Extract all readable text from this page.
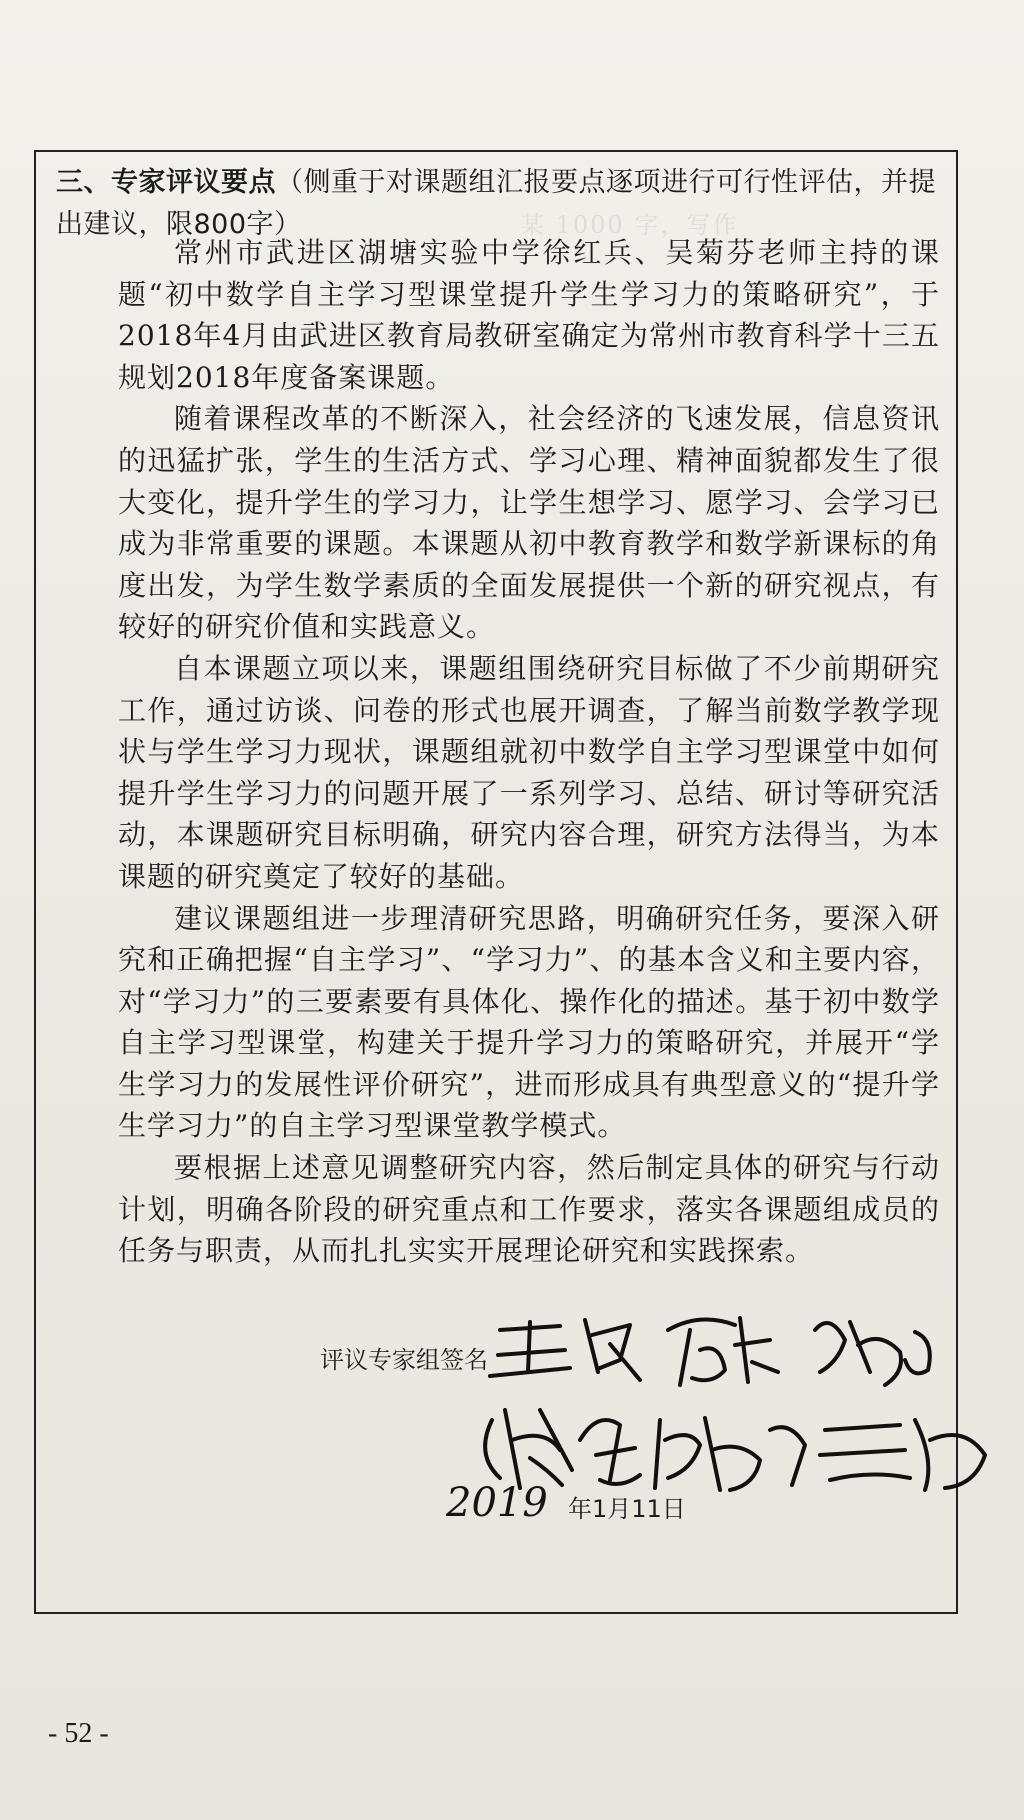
某 1000 字，写作
三、专家评议要点（侧重于对课题组汇报要点逐项进行可行性评估，并提出建议，限800字）

常州市武进区湖塘实验中学徐红兵、吴菊芬老师主持的课题“初中数学自主学习型课堂提升学生学习力的策略研究”，于2018年4月由武进区教育局教研室确定为常州市教育科学十三五规划2018年度备案课题。

随着课程改革的不断深入，社会经济的飞速发展，信息资讯的迅猛扩张，学生的生活方式、学习心理、精神面貌都发生了很大变化，提升学生的学习力，让学生想学习、愿学习、会学习已成为非常重要的课题。本课题从初中教育教学和数学新课标的角度出发，为学生数学素质的全面发展提供一个新的研究视点，有较好的研究价值和实践意义。

自本课题立项以来，课题组围绕研究目标做了不少前期研究工作，通过访谈、问卷的形式也展开调查，了解当前数学教学现状与学生学习力现状，课题组就初中数学自主学习型课堂中如何提升学生学习力的问题开展了一系列学习、总结、研讨等研究活动，本课题研究目标明确，研究内容合理，研究方法得当，为本课题的研究奠定了较好的基础。

建议课题组进一步理清研究思路，明确研究任务，要深入研究和正确把握“自主学习”、“学习力”、的基本含义和主要内容，对“学习力”的三要素要有具体化、操作化的描述。基于初中数学自主学习型课堂，构建关于提升学习力的策略研究，并展开“学生学习力的发展性评价研究”，进而形成具有典型意义的“提升学生学习力”的自主学习型课堂教学模式。

要根据上述意见调整研究内容，然后制定具体的研究与行动计划，明确各阶段的研究重点和工作要求，落实各课题组成员的任务与职责，从而扎扎实实开展理论研究和实践探索。

评议专家组签名
2019 年1月11日
- 52 -
